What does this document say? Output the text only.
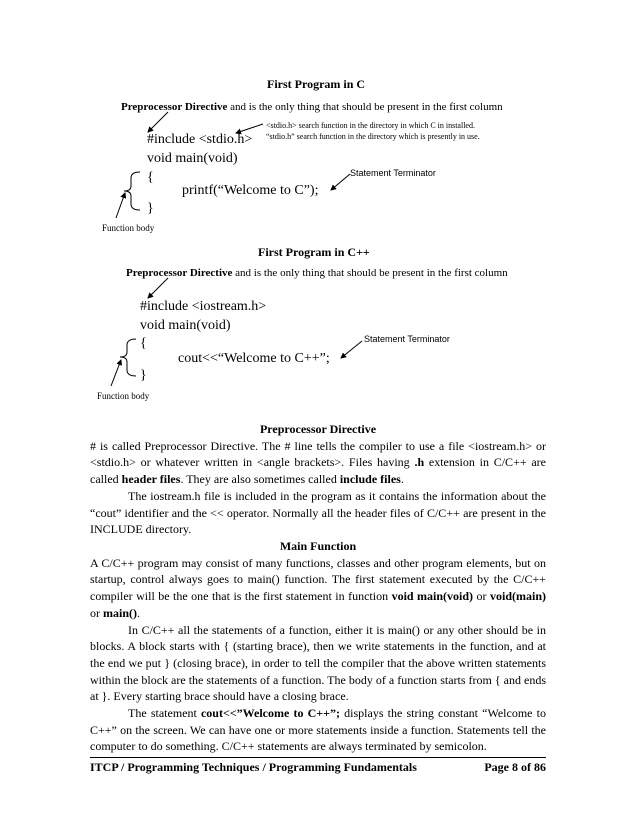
First Program in C
Preprocessor Directive and is the only thing that should be present in the first column
<stdio.h> search function in the directory in which C in installed.
“stdio.h” search function in the directory which is presently in use.
#include <stdio.h>
void main(void)
{	Statement Terminator
printf(“Welcome to C”);
}
Function body
First Program in C++
Preprocessor Directive and is the only thing that should be present in the first column
#include <iostream.h>
void main(void)
{	Statement Terminator
cout<<“Welcome to C++”;
}
Function body

Preprocessor Directive

# is called Preprocessor Directive. The # line tells the compiler to use a file <iostream.h> or <stdio.h> or whatever written in <angle brackets>. Files having .h extension in C/C++ are called header files. They are also sometimes called include files.

The iostream.h file is included in the program as it contains the information about the “cout” identifier and the << operator. Normally all the header files of C/C++ are present in the INCLUDE directory.

Main Function

A C/C++ program may consist of many functions, classes and other program elements, but on startup, control always goes to main() function. The first statement executed by the C/C++ compiler will be the one that is the first statement in function void main(void) or void(main) or main().

In C/C++ all the statements of a function, either it is main() or any other should be in blocks. A block starts with { (starting brace), then we write statements in the function, and at the end we put } (closing brace), in order to tell the compiler that the above written statements within the block are the statements of a function. The body of a function starts from { and ends at }. Every starting brace should have a closing brace.

The statement cout<<”Welcome to C++”; displays the string constant “Welcome to C++” on the screen. We can have one or more statements inside a function. Statements tell the computer to do something. C/C++ statements are always terminated by semicolon.

ITCP / Programming Techniques / Programming Fundamentals	Page 8 of 86
